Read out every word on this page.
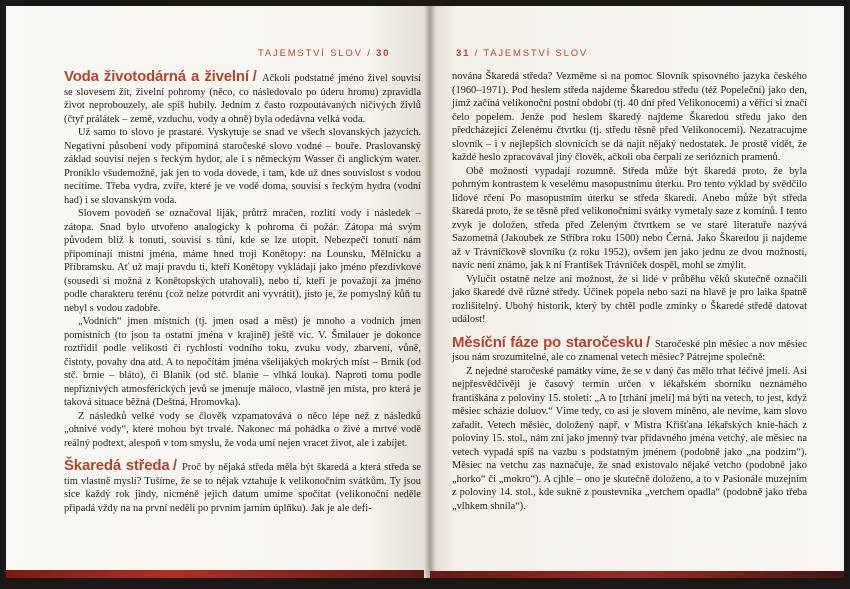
TAJEMSTVÍ SLOV / 30

Voda životodárná a živelní / Ačkoli podstatné jméno živel souvisí se slovesem žít, živelní pohromy (něco, co následovalo po úderu hromu) zpravidla život neprobouzely, ale spíš hubily. Jedním z často rozpoutávaných ničivých živlů (čtyř prálátek – země, vzduchu, vody a ohně) byla odedávna velká voda.

Už samo to slovo je prastaré. Vyskytuje se snad ve všech slovanských jazycích. Negativní působení vody připomíná staročeské slovo vodné – bouře. Praslovanský základ souvisí nejen s řeckým hydor, ale i s německým Wasser či anglickým water. Proniklo všudemožně, jak jen to voda dovede, i tam, kde už dnes souvislost s vodou necítíme. Třeba vydra, zvíře, které je ve vodě doma, souvisí s řeckým hydra (vodní had) i se slovanským voda.

Slovem povodeň se označoval liják, průtrž mračen, rozlití vody i následek – zátopa. Snad bylo utvořeno analogicky k pohroma či požár. Zátopa má svým původem blíž k tonutí, souvisí s tůní, kde se lze utopit. Nebezpečí tonutí nám připomínají místní jména, máme hned troji Konětopy: na Lounsku, Mělnicku a Příbramsku. Ať už mají pravdu ti, kteří Konětopy vykládají jako jméno přezdívkové (sousedi si možná z Konětopských utahovali), nebo ti, kteří je považují za jméno podle charakteru terénu (což nelze potvrdit ani vyvrátit), jisto je, že pomyslný kůň tu nebyl s vodou zadobře.

„Vodních“ jmen místních (tj. jmen osad a měst) je mnoho a vodních jmen pomístních (to jsou ta ostatní jména v krajině) ještě víc. V. Šmilauer je dokonce roztřídil podle velikosti či rychlosti vodního toku, zvuku vody, zbarvení, vůně, čistoty, povahy dna atd. A to nepočítám jména všelijakých mokrých míst – Brnik (od stč. brnie – bláto), či Blanik (od stč. blanie – vlhká louka). Naproti tomu podle nepříznivých atmosférických jevů se jmenuje máloco, vlastně jen místa, pro která je taková situace běžná (Deštná, Hromovka).

Z následků velké vody se člověk vzpamatovává o něco lépe než z následků „ohnivé vody“, které mohou být trvalé. Nakonec má pohádka o živé a mrtvé vodě reálný podtext, alespoň v tom smyslu, že voda umí nejen vracet život, ale i zabíjet.

Škaredá středa / Proč by nějaká středa měla být škaredá a která středa se tím vlastně myslí? Tušíme, že se to nějak vztahuje k velikonočním svátkům. Ty jsou sice každý rok jindy, nicméně jejich datum umíme spočítat (velikonoční neděle připadá vždy na na první neděli po prvním jarním úplňku). Jak je ale defi-

31 / TAJEMSTVÍ SLOV

nována Škaredá středa? Vezměme si na pomoc Slovník spisovného jazyka českého (1960–1971). Pod heslem středa najdeme Škaredou středu (též Popeleční) jako den, jímž začíná velikonoční postní období (tj. 40 dní před Velikonocemi) a věřící si značí čelo popelem. Jenže pod heslem škaredý najdeme Škaredou středu jako den předcházející Zelenému čtvrtku (tj. středu těsně před Velikonocemi). Nezatracujme slovník – i v nejlepších slovnících se dá najít nějaký nedostatek. Je prostě vidět, že každé heslo zpracovával jiný člověk, ačkoli oba čerpali ze seriózních pramenů.

Obě možnosti vypadají rozumně. Středa může být škaredá proto, že byla pohrným kontrastem k veselému masopustnímu úterku. Pro tento výklad by svědčilo lidové rčení Po masopustním úterku se středa škaredí. Anebo může být středa škaredá proto, že se těsně před velikonočními svátky vymetaly saze z komínů. I tento zvyk je doložen, středa před Zeleným čtvrtkem se ve staré literatuře nazývá Sazometná (Jakoubek ze Stříbra roku 1500) nebo Černá. Jako Škaredou ji najdeme až v Trávníčkově slovníku (z roku 1952), ovšem jen jako jednu ze dvou možností, navíc není známo, jak k ní František Trávníček dospěl, mohl se zmýlit.

Vylučit ostatně nelze ani možnost, že si lidé v průběhu věků skutečně označili jako škaredé dvě různé středy. Účinek popela nebo sazí na hlavě je pro laika špatně rozlišitelný. Ubohý historik, který by chtěl podle zmínky o Škaredé středě datovat událost!

Měsíční fáze po staročesku / Staročeské pln měsiec a nov měsiec jsou nám srozumitelné, ale co znamenal vetech měsiec? Pátrejme společně:

Z nejedné staročeské památky víme, že se v daný čas mělo trhat léčivé jmelí. Asi nejpřesvědčivěji je časový termín určen v lékařském sborníku neznámého františkána z poloviny 15. století: „A to [trhání jmelí] má býti na vetech, to jest, když měsiec scházie doluov.“ Víme tedy, co asi je slovem míněno, ale nevíme, kam slovo zařadit. Vetech měsiec, doložený např. v Mistra Křišťana lékařských knie-hách z poloviny 15. stol., nám zní jako jmenný tvar přídavného jména vetchý, ale měsiec na vetech vypadá spíš na vazbu s podstatným jménem (podobně jako „na podzim“). Měsiec na vetchu zas naznačuje, že snad existovalo nějaké vetcho (podobně jako „horko“ či „mokro“). A cjhle – ono je skutečně doloženo, a to v Pasionále muzejním z poloviny 14. stol., kde suknë z poustevníka „vetchem opadla“ (podobně jako třeba „vlhkem shnila“).
